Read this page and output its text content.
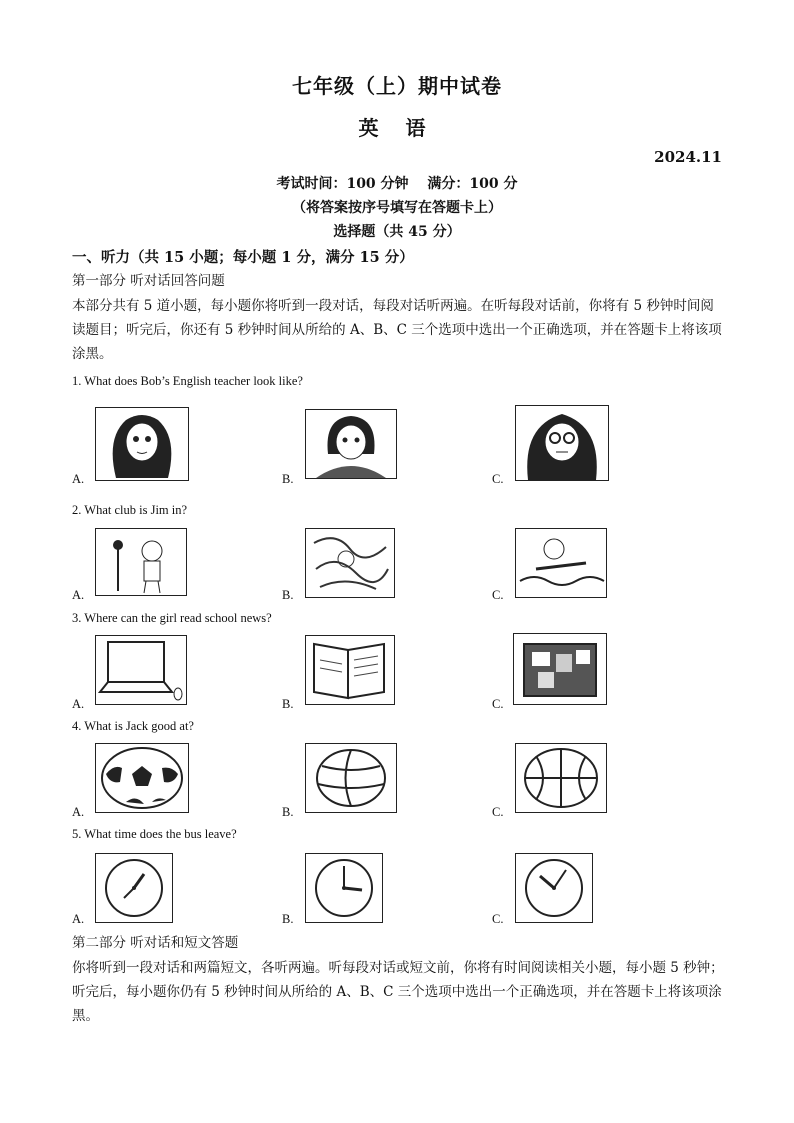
七年级（上）期中试卷
英 语
2024.11
考试时间：100 分钟　 满分：100 分
（将答案按序号填写在答题卡上）
选择题（共 45 分）
一、听力（共 15 小题；每小题 1 分，满分 15 分）
第一部分 听对话回答问题
本部分共有 5 道小题，每小题你将听到一段对话，每段对话听两遍。在听每段对话前，你将有 5 秒钟时间阅读题目；听完后，你还有 5 秒钟时间从所给的 A、B、C 三个选项中选出一个正确选项，并在答题卡上将该项涂黑。
1. What does Bob’s English teacher look like?
A.	B.	C.
2. What club is Jim in?
A.	B.	C.
3. Where can the girl read school news?
A.	B.	C.
4. What is Jack good at?
A.	B.	C.
5. What time does the bus leave?
A.	B.	C.
第二部分 听对话和短文答题
你将听到一段对话和两篇短文，各听两遍。听每段对话或短文前，你将有时间阅读相关小题，每小题 5 秒钟；听完后，每小题你仍有 5 秒钟时间从所给的 A、B、C 三个选项中选出一个正确选项，并在答题卡上将该项涂黑。
